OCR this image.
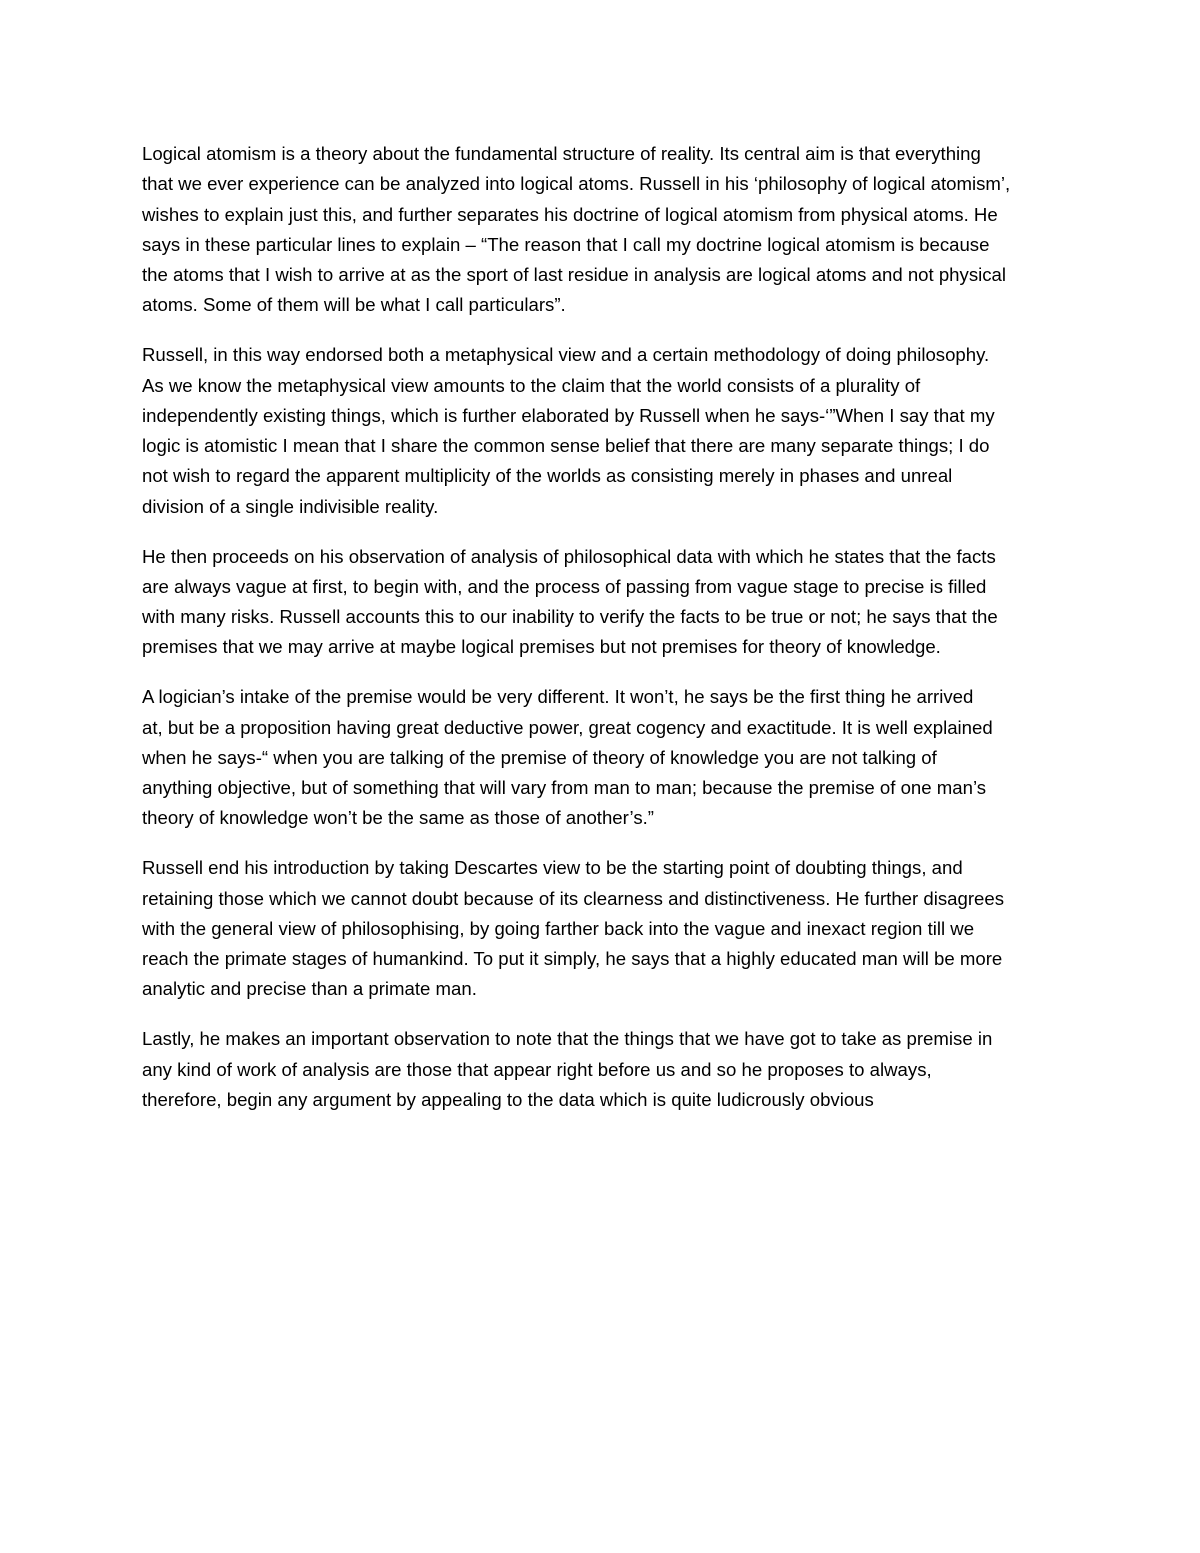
Logical atomism is a theory about the fundamental structure of reality. Its central aim is that everything
that we ever experience can be analyzed into logical atoms. Russell in his ‘philosophy of logical atomism’,
wishes to explain just this, and further separates his doctrine of logical atomism from physical atoms. He
says in these particular lines to explain – “The reason that I call my doctrine logical atomism is because
the atoms that I wish to arrive at as the sport of last residue in analysis are logical atoms and not physical
atoms. Some of them will be what I call particulars”.

Russell, in this way endorsed both a metaphysical view and a certain methodology of doing philosophy.
As we know the metaphysical view amounts to the claim that the world consists of a plurality of
independently existing things, which is further elaborated by Russell when he says-‘”When I say that my
logic is atomistic I mean that I share the common sense belief that there are many separate things; I do
not wish to regard the apparent multiplicity of the worlds as consisting merely in phases and unreal
division of a single indivisible reality.

He then proceeds on his observation of analysis of philosophical data with which he states that the facts
are always vague at first, to begin with, and the process of passing from vague stage to precise is filled
with many risks. Russell accounts this to our inability to verify the facts to be true or not; he says that the
premises that we may arrive at maybe logical premises but not premises for theory of knowledge.

A logician’s intake of the premise would be very different. It won’t, he says be the first thing he arrived
at, but be a proposition having great deductive power, great cogency and exactitude. It is well explained
when he says-“ when you are talking of the premise of theory of knowledge you are not talking of
anything objective, but of something that will vary from man to man; because the premise of one man’s
theory of knowledge won’t be the same as those of another’s.”

Russell end his introduction by taking Descartes view to be the starting point of doubting things, and
retaining those which we cannot doubt because of its clearness and distinctiveness. He further disagrees
with the general view of philosophising, by going farther back into the vague and inexact region till we
reach the primate stages of humankind. To put it simply, he says that a highly educated man will be more
analytic and precise than a primate man.

Lastly, he makes an important observation to note that the things that we have got to take as premise in
any kind of work of analysis are those that appear right before us and so he proposes to always,
therefore, begin any argument by appealing to the data which is quite ludicrously obvious
